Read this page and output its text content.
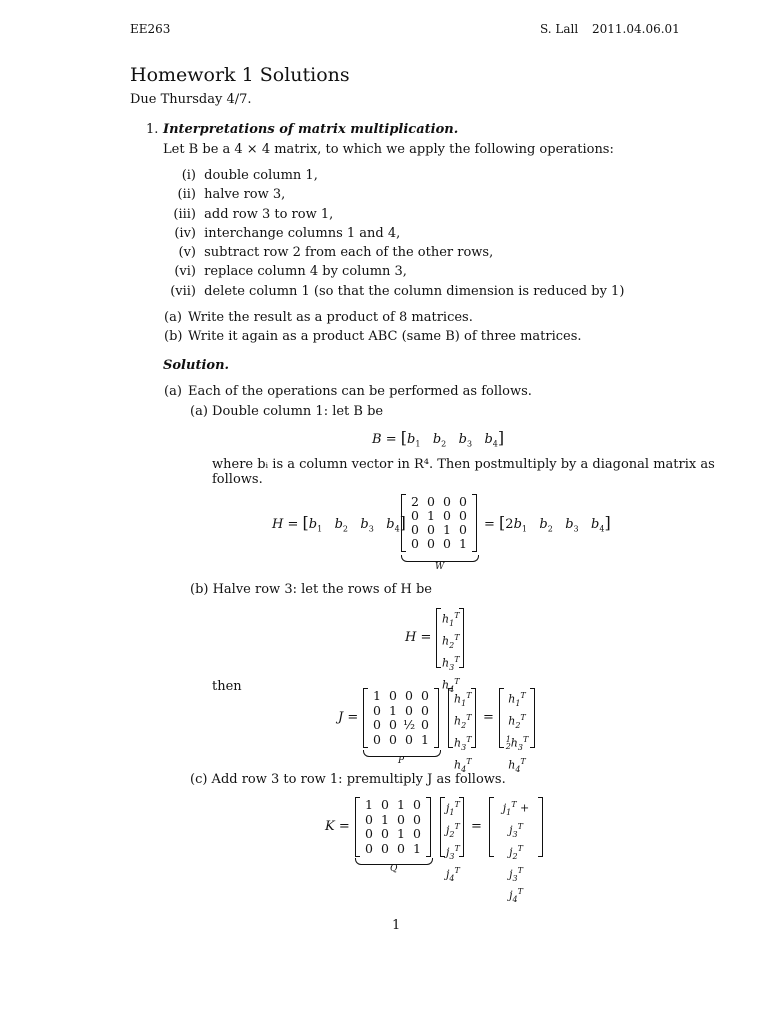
EE263	S. Lall 2011.04.06.01
Homework 1 Solutions
Due Thursday 4/7.
1. Interpretations of matrix multiplication.
Let B be a 4 × 4 matrix, to which we apply the following operations:
(i) double column 1,
(ii) halve row 3,
(iii) add row 3 to row 1,
(iv) interchange columns 1 and 4,
(v) subtract row 2 from each of the other rows,
(vi) replace column 4 by column 3,
(vii) delete column 1 (so that the column dimension is reduced by 1)
(a) Write the result as a product of 8 matrices.
(b) Write it again as a product ABC (same B) of three matrices.
Solution.
(a) Each of the operations can be performed as follows.
(a) Double column 1: let B be
$B = [b_1$ $b_2$ $b_3$ $b_4$]
where bᵢ is a column vector in R⁴. Then postmultiply by a diagonal matrix as
follows.
$H = [b_1$ $b_2$ $b_3$ $b_4$]
2 0 0 0
0 1 0 0
0 0 1 0
0 0 0 1
W
= [$2b_1$ $b_2$ $b_3$ $b_4$]
(b) Halve row 3: let the rows of H be
H =
$h_1^T$
$h_2^T$
$h_3^T$
$h_4^T$
then
J =
1 0 0 0
0 1 0 0
0 0 ½ 0
0 0 0 1
P
$h_1^T$
$h_2^T$
$h_3^T$
$h_4^T$
=
$h_1^T$
$h_2^T$
1
$2h_3^T$
$h_4^T$
(c) Add row 3 to row 1: premultiply J as follows.
K =
1 0 1 0
0 1 0 0
0 0 1 0
0 0 0 1
Q
$j_1^T$
$j_2^T$
$j_3^T$
$j_4^T$
=
$j_1^T + j_3^T$
$j_2^T$
$j_3^T$
$j_4^T$
1
